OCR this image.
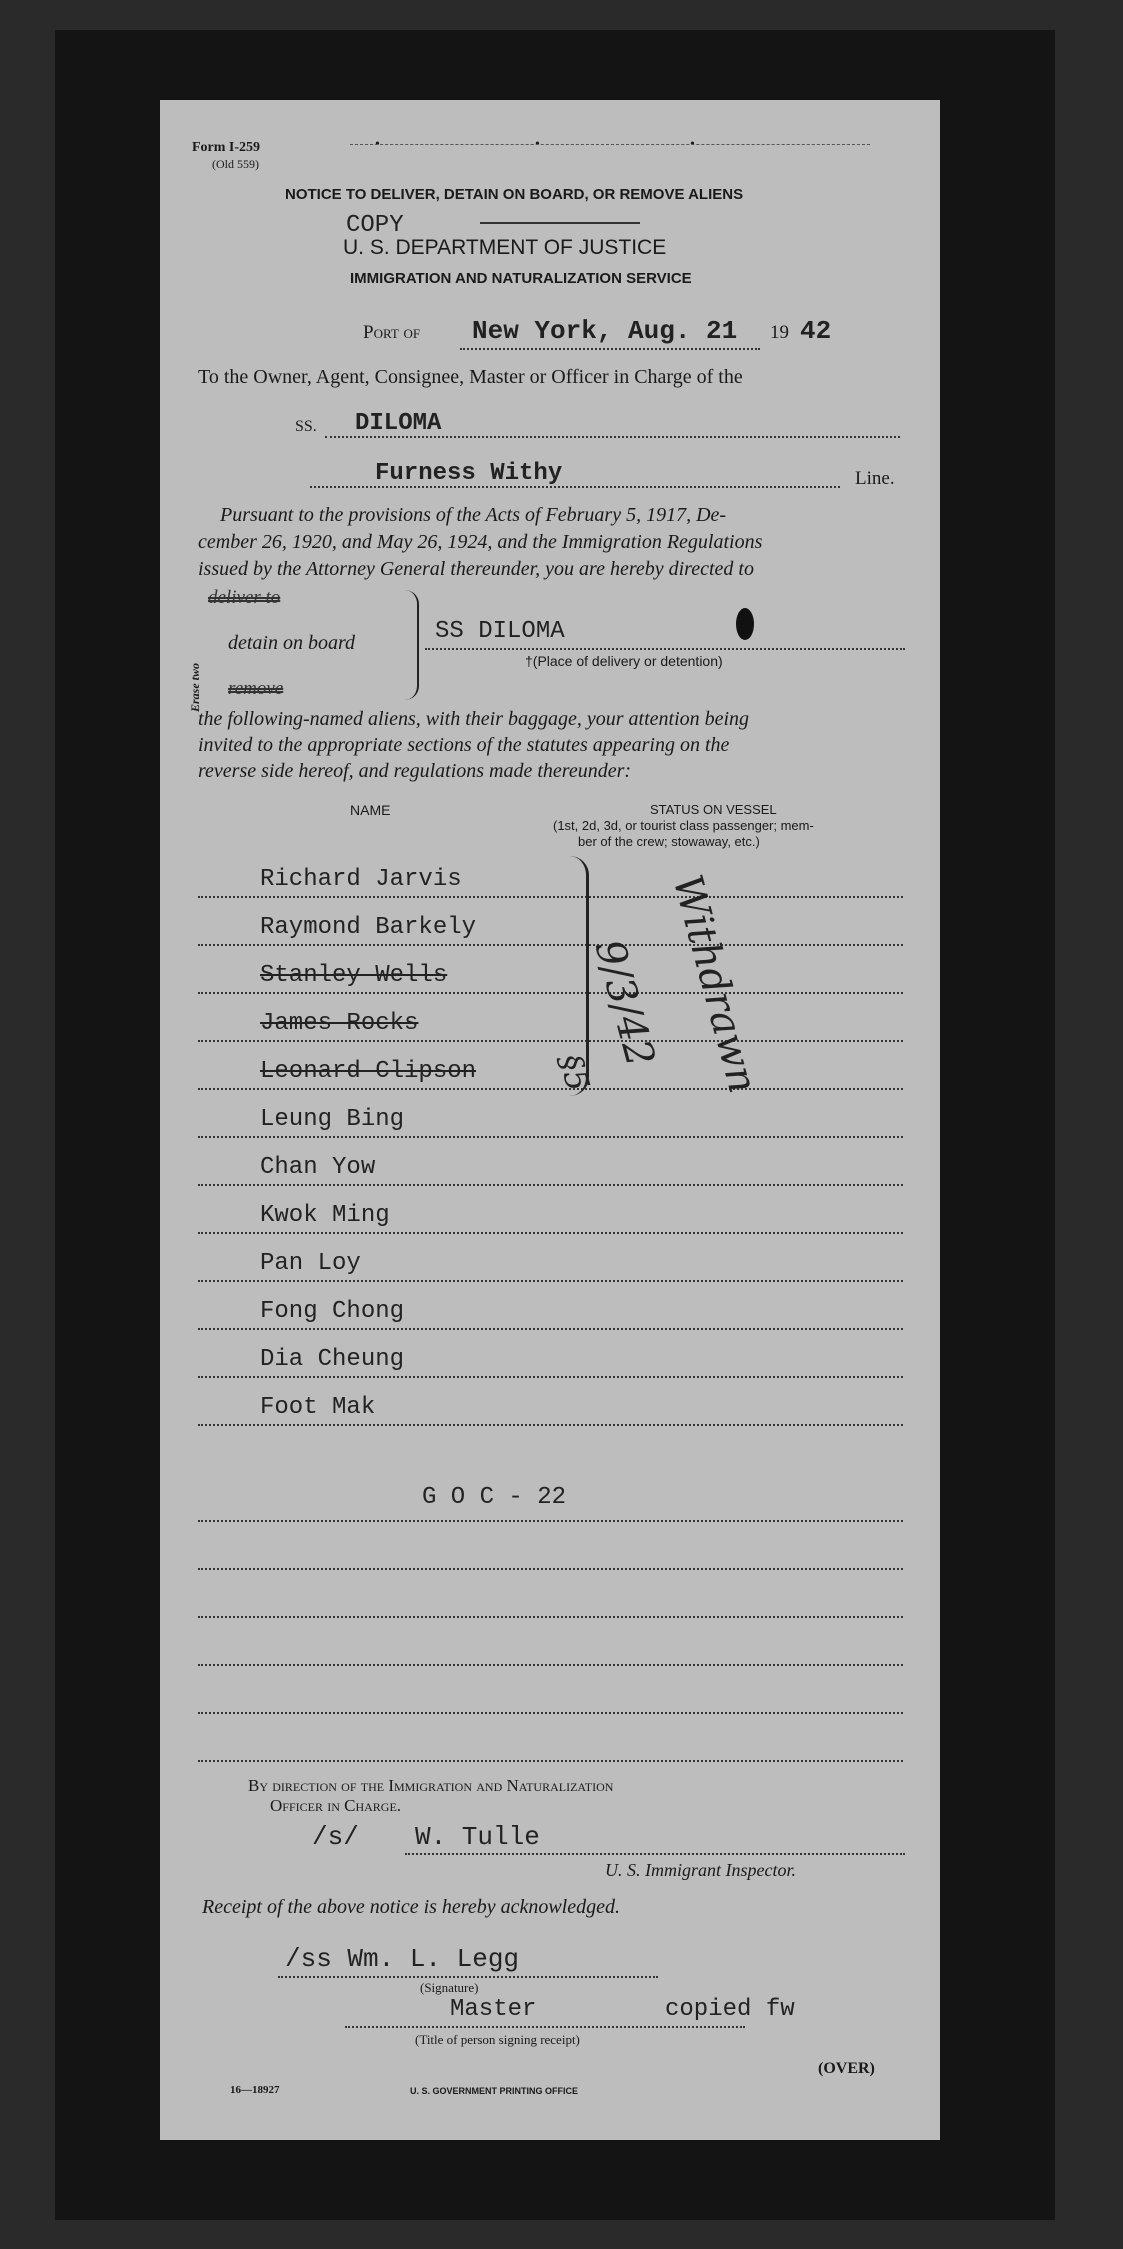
•	•	•
Form I-259
(Old 559)
NOTICE TO DELIVER, DETAIN ON BOARD, OR REMOVE ALIENS
COPY
U. S. DEPARTMENT OF JUSTICE
IMMIGRATION AND NATURALIZATION SERVICE
Port of New York, Aug. 21 19 42
To the Owner, Agent, Consignee, Master or Officer in Charge of the
SS. DILOMA
Furness Withy	Line.
Pursuant to the provisions of the Acts of February 5, 1917, De-
cember 26, 1920, and May 26, 1924, and the Immigration Regulations
issued by the Attorney General thereunder, you are hereby directed to
Erase two
deliver to
detain on board
remove
SS DILOMA
†(Place of delivery or detention)
the following-named aliens, with their baggage, your attention being
invited to the appropriate sections of the statutes appearing on the
reverse side hereof, and regulations made thereunder:
NAME	STATUS ON VESSEL
(1st, 2d, 3d, or tourist class passenger; mem-
ber of the crew; stowaway, etc.)
Richard Jarvis
Raymond Barkely
Stanley Wells
James Rocks
Leonard Clipson
Leung Bing
Chan Yow
Kwok Ming
Pan Loy
Fong Chong
Dia Cheung
Foot Mak
Withdrawn
9/3/42
§5
G O C - 22
By direction of the Immigration and Naturalization
Officer in Charge.
/s/ W. Tulle
U. S. Immigrant Inspector.
Receipt of the above notice is hereby acknowledged.
/ss Wm. L. Legg
(Signature)
Master	copied fw
(Title of person signing receipt)
16—18927	U. S. GOVERNMENT PRINTING OFFICE
(OVER)
